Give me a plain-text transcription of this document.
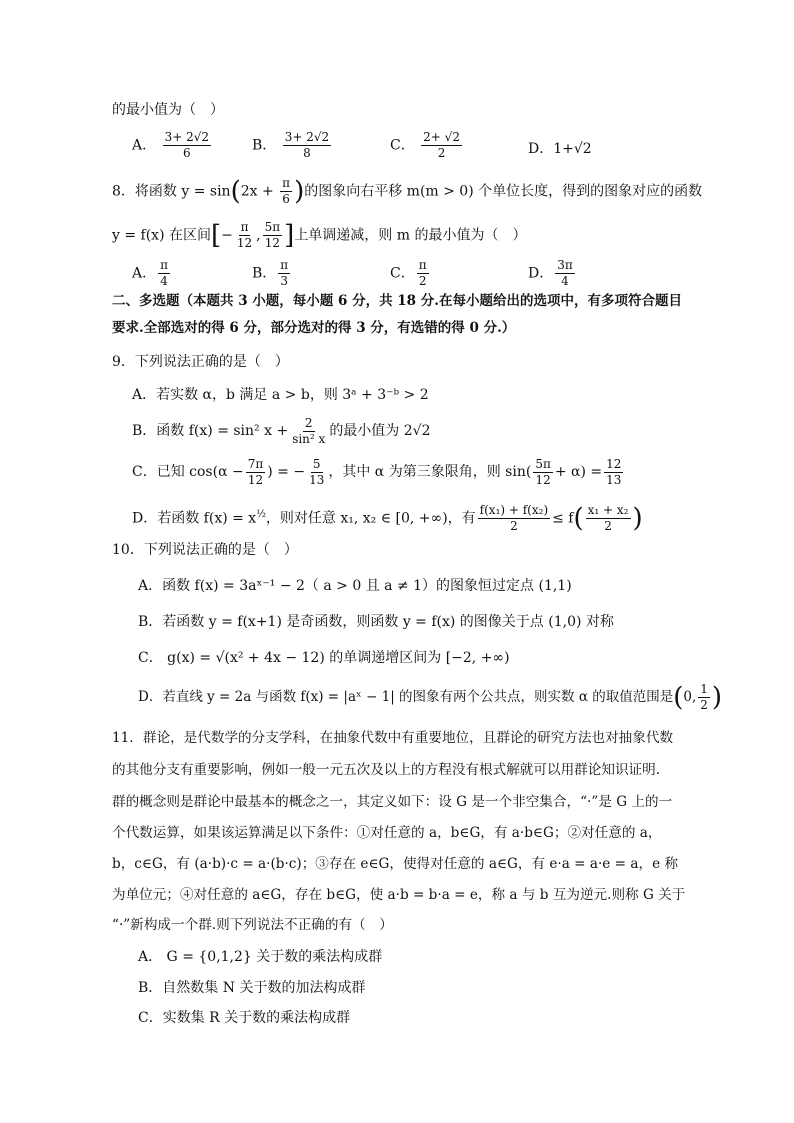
的最小值为（　）
A． $\frac{3+ 2√2}{6}$	B． $\frac{3+ 2√2}{8}$	C． $\frac{2+ √2}{2}$	D．1+√2
8．将函数 $y = \sin(2x + \frac{\pi}{6}$ )的图象向右平移 m(m > 0) 个单位长度，得到的图象对应的函数
y = f(x) 在区间[− $\frac{\pi}{12}$ , $\frac{5\pi}{12}$ ]上单调递减，则 m 的最小值为（　）
A． $\frac{\pi}{4}$	B． $\frac{\pi}{3}$	C． $\frac{\pi}{2}$	D． $\frac{3\pi}{4}$
二、多选题（本题共 3 小题，每小题 6 分，共 18 分.在每小题给出的选项中，有多项符合题目
要求.全部选对的得 6 分，部分选对的得 3 分，有选错的得 0 分.）
9．下列说法正确的是（　）
A．若实数 α，b 满足 a > b，则 3ᵃ + 3⁻ᵇ > 2
B．函数 f(x) = sin² $x + \frac{2}{\text{sin² x}}$ 的最小值为 2√2
C．已知 $\cos(\alpha - \frac{7\pi}{12}$ ) = − $\frac{5}{13}$ ，其中 α 为第三象限角，则 $\sin( \frac{5\pi}{12} + \alpha) = \frac{12}{13}$
D．若函数 $f(x) = x^{\frac{1}{2}}$，则对任意 x₁, x₂ ∈ [0, +∞)，有 $\frac{\text{f(x₁) + f(x₂)}}{2} \le f( \frac{\text{x₁ + x₂}}{2}$ )
10．下列说法正确的是（　）
A．函数 f(x) = 3aˣ⁻¹ − 2（ a > 0 且 a ≠ 1）的图象恒过定点 (1,1)
B．若函数 y = f(x+1) 是奇函数，则函数 y = f(x) 的图像关于点 (1,0) 对称
C． g(x) = √(x² + 4x − 12) 的单调递增区间为 [−2, +∞)
D．若直线 y = 2a 与函数 f(x) = |aˣ − 1| 的图象有两个公共点，则实数 α 的取值范围是(0, $\frac{1}{2}$ )
11．群论，是代数学的分支学科，在抽象代数中有重要地位，且群论的研究方法也对抽象代数
的其他分支有重要影响，例如一般一元五次及以上的方程没有根式解就可以用群论知识证明.
群的概念则是群论中最基本的概念之一，其定义如下：设 G 是一个非空集合，“·”是 G 上的一
个代数运算，如果该运算满足以下条件：①对任意的 a，b∈G，有 a·b∈G；②对任意的 a，
b，c∈G，有 (a·b)·c = a·(b·c)；③存在 e∈G，使得对任意的 a∈G，有 e·a = a·e = a，e 称
为单位元；④对任意的 a∈G，存在 b∈G，使 a·b = b·a = e，称 a 与 b 互为逆元.则称 G 关于
“·”新构成一个群.则下列说法不正确的有（　）
A． G = {0,1,2} 关于数的乘法构成群
B．自然数集 N 关于数的加法构成群
C．实数集 R 关于数的乘法构成群
